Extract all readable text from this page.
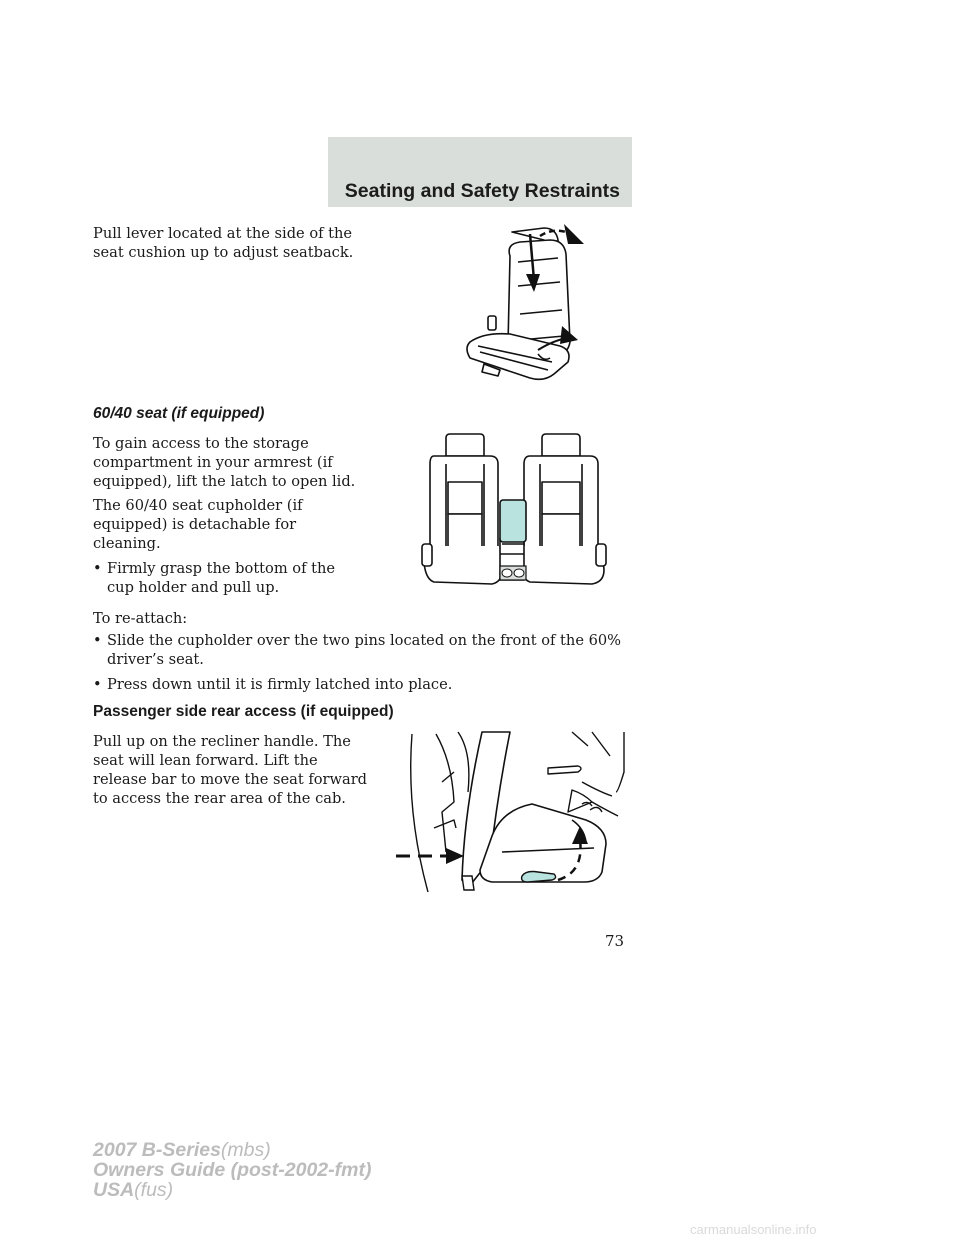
Seating and Safety Restraints
Pull lever located at the side of the
seat cushion up to adjust seatback.
60/40 seat (if equipped)
To gain access to the storage
compartment in your armrest (if
equipped), lift the latch to open lid.
The 60/40 seat cupholder (if
equipped) is detachable for
cleaning.
• Firmly grasp the bottom of the
cup holder and pull up.
To re-attach:
• Slide the cupholder over the two pins located on the front of the 60%
driver’s seat.
• Press down until it is firmly latched into place.
Passenger side rear access (if equipped)
Pull up on the recliner handle. The
seat will lean forward. Lift the
release bar to move the seat forward
to access the rear area of the cab.
73
2007 B-Series(mbs)
Owners Guide (post-2002-fmt)
USA(fus)
carmanualsonline.info
